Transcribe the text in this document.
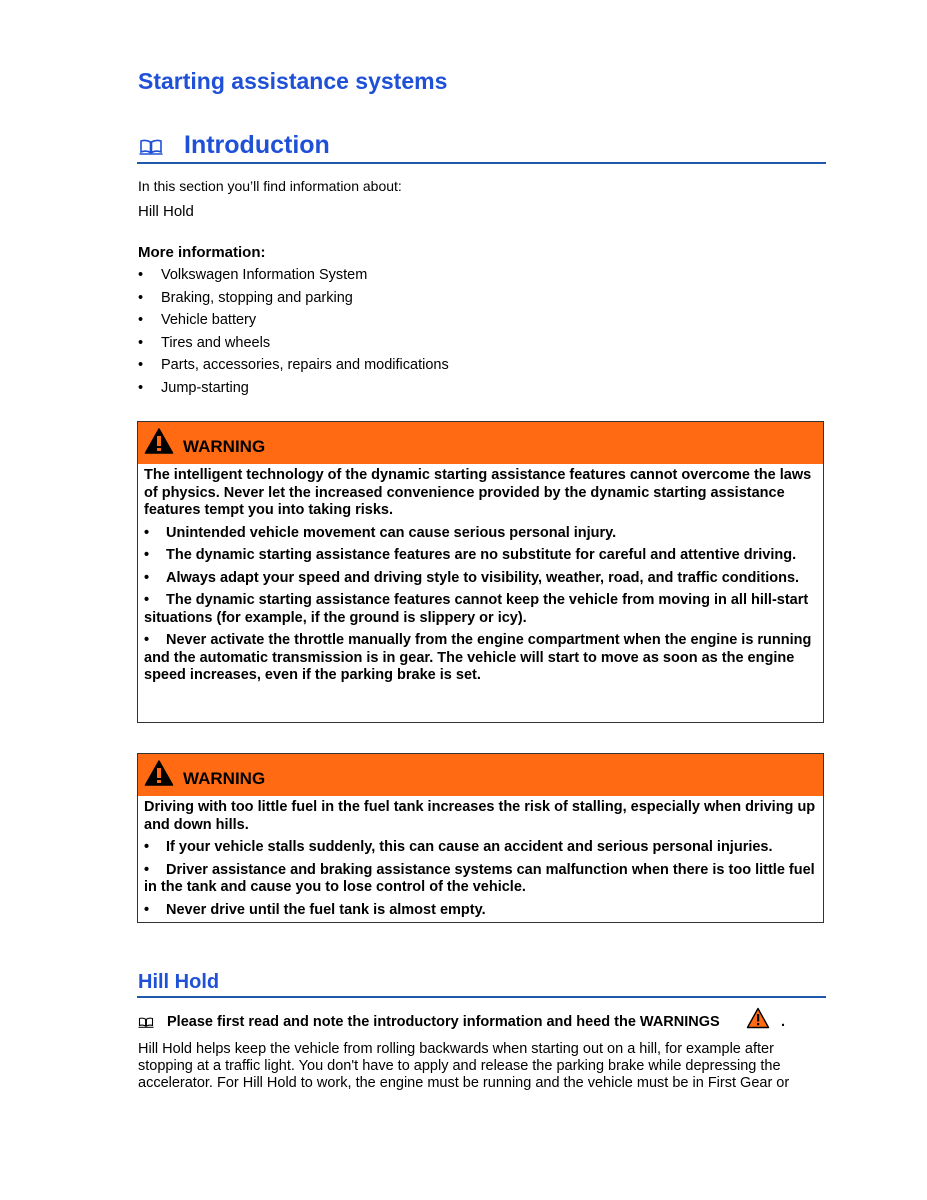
Starting assistance systems
Introduction
In this section you’ll find information about:
Hill Hold
More information:
• Volkswagen Information System
• Braking, stopping and parking
• Vehicle battery
• Tires and wheels
• Parts, accessories, repairs and modifications
• Jump-starting
WARNING
The intelligent technology of the dynamic starting assistance features cannot overcome the laws of physics. Never let the increased convenience provided by the dynamic starting assistance features tempt you into taking risks.
• Unintended vehicle movement can cause serious personal injury.
• The dynamic starting assistance features are no substitute for careful and attentive driving.
• Always adapt your speed and driving style to visibility, weather, road, and traffic conditions.
• The dynamic starting assistance features cannot keep the vehicle from moving in all hill-start situations (for example, if the ground is slippery or icy).
• Never activate the throttle manually from the engine compartment when the engine is running and the automatic transmission is in gear. The vehicle will start to move as soon as the engine speed increases, even if the parking brake is set.
WARNING
Driving with too little fuel in the fuel tank increases the risk of stalling, especially when driving up and down hills.
• If your vehicle stalls suddenly, this can cause an accident and serious personal injuries.
• Driver assistance and braking assistance systems can malfunction when there is too little fuel in the tank and cause you to lose control of the vehicle.
• Never drive until the fuel tank is almost empty.
Hill Hold
Please first read and note the introductory information and heed the WARNINGS	.
Hill Hold helps keep the vehicle from rolling backwards when starting out on a hill, for example after stopping at a traffic light. You don't have to apply and release the parking brake while depressing the accelerator. For Hill Hold to work, the engine must be running and the vehicle must be in First Gear or
